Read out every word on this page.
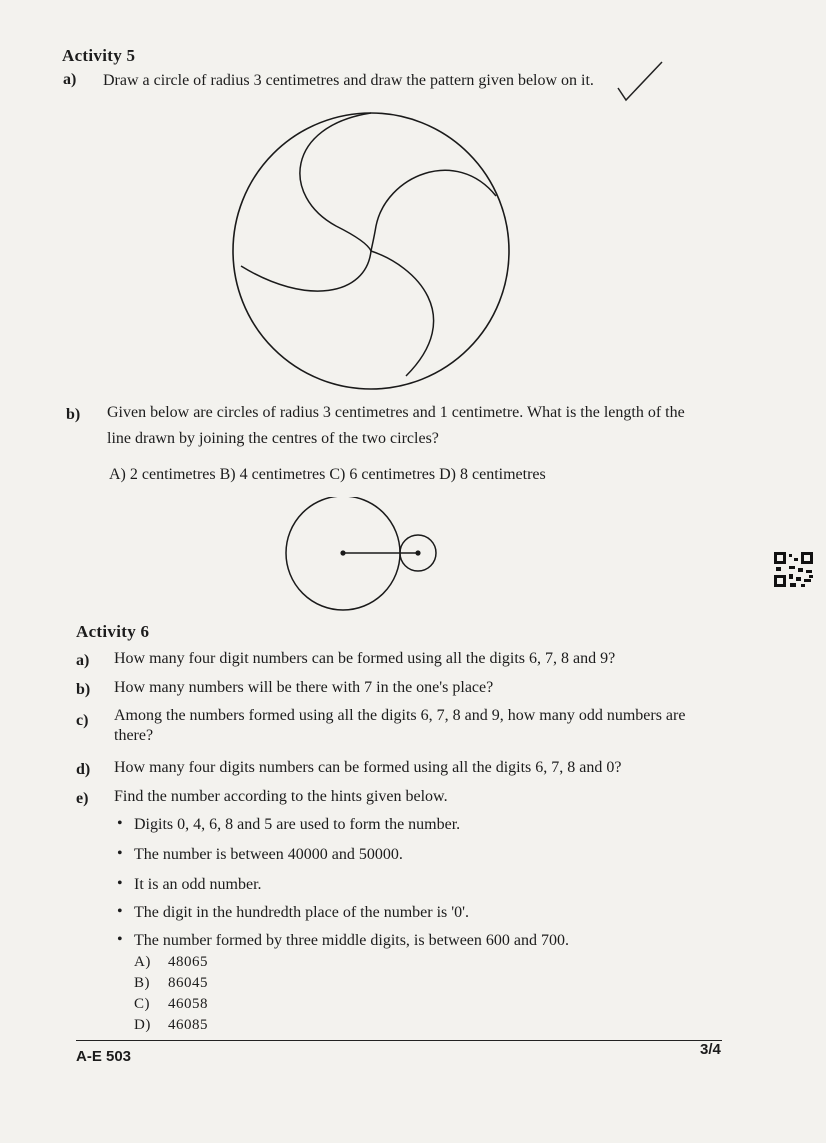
Activity 5
a) Draw a circle of radius 3 centimetres and draw the pattern given below on it.
b) Given below are circles of radius 3 centimetres and 1 centimetre. What is the length of the
line drawn by joining the centres of the two circles?
A) 2 centimetres B) 4 centimetres C) 6 centimetres D) 8 centimetres
Activity 6
a) How many four digit numbers can be formed using all the digits 6, 7, 8 and 9?
b) How many numbers will be there with 7 in the one's place?
c) Among the numbers formed using all the digits 6, 7, 8 and 9, how many odd numbers are there?
d) How many four digits numbers can be formed using all the digits 6, 7, 8 and 0?
e) Find the number according to the hints given below.
• Digits 0, 4, 6, 8 and 5 are used to form the number.
• The number is between 40000 and 50000.
• It is an odd number.
• The digit in the hundredth place of the number is '0'.
• The number formed by three middle digits, is between 600 and 700.
A) 48065
B) 86045
C) 46058
D) 46085
A-E 503	3/4
